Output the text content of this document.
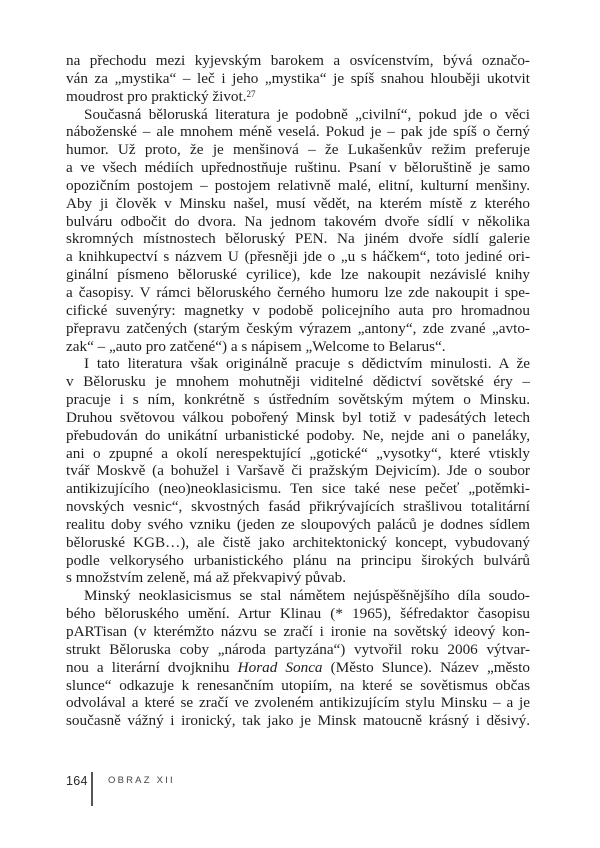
na přechodu mezi kyjevským barokem a osvícenstvím, bývá označo-
ván za „mystika“ – leč i jeho „mystika“ je spíš snahou hlouběji ukotvit
moudrost pro praktický život.$^{27}$
Současná běloruská literatura je podobně „civilní“, pokud jde o věci
náboženské – ale mnohem méně veselá. Pokud je – pak jde spíš o černý
humor. Už proto, že je menšinová – že Lukašenkův režim preferuje
a ve všech médiích upřednostňuje ruštinu. Psaní v běloruštině je samo
opozičním postojem – postojem relativně malé, elitní, kulturní menšiny.
Aby ji člověk v Minsku našel, musí vědět, na kterém místě z kterého
bulváru odbočit do dvora. Na jednom takovém dvoře sídlí v několika
skromných místnostech běloruský PEN. Na jiném dvoře sídlí galerie
a knihkupectví s názvem U (přesněji jde o „u s háčkem“, toto jediné ori-
ginální písmeno běloruské cyrilice), kde lze nakoupit nezávislé knihy
a časopisy. V rámci běloruského černého humoru lze zde nakoupit i spe-
cifické suvenýry: magnetky v podobě policejního auta pro hromadnou
přepravu zatčených (starým českým výrazem „antony“, zde zvané „avto-
zak“ – „auto pro zatčené“) a s nápisem „Welcome to Belarus“.
I tato literatura však originálně pracuje s dědictvím minulosti. A že
v Bělorusku je mnohem mohutněji viditelné dědictví sovětské éry –
pracuje i s ním, konkrétně s ústředním sovětským mýtem o Minsku.
Druhou světovou válkou pobořený Minsk byl totiž v padesátých letech
přebudován do unikátní urbanistické podoby. Ne, nejde ani o paneláky,
ani o zpupné a okolí nerespektující „gotické“ „vysotky“, které vtiskly
tvář Moskvě (a bohužel i Varšavě či pražským Dejvicím). Jde o soubor
antikizujícího (neo)neoklasicismu. Ten sice také nese pečeť „potěmki-
novských vesnic“, skvostných fasád přikrývajících strašlivou totalitární
realitu doby svého vzniku (jeden ze sloupových paláců je dodnes sídlem
běloruské KGB…), ale čistě jako architektonický koncept, vybudovaný
podle velkorysého urbanistického plánu na principu širokých bulvárů
s množstvím zeleně, má až překvapivý půvab.
Minský neoklasicismus se stal námětem nejúspěšnějšího díla soudo-
bého běloruského umění. Artur Klinau (* 1965), šéfredaktor časopisu
pARTisan (v kterémžto názvu se zračí i ironie na sovětský ideový kon-
strukt Běloruska coby „národa partyzána“) vytvořil roku 2006 výtvar-
nou a literární dvojknihu Horad Sonca (Město Slunce). Název „město
slunce“ odkazuje k renesančním utopiím, na které se sovětismus občas
odvolával a které se zračí ve zvoleném antikizujícím stylu Minsku – a je
současně vážný i ironický, tak jako je Minsk matoucně krásný i děsivý.
164 OBRAZ XII
